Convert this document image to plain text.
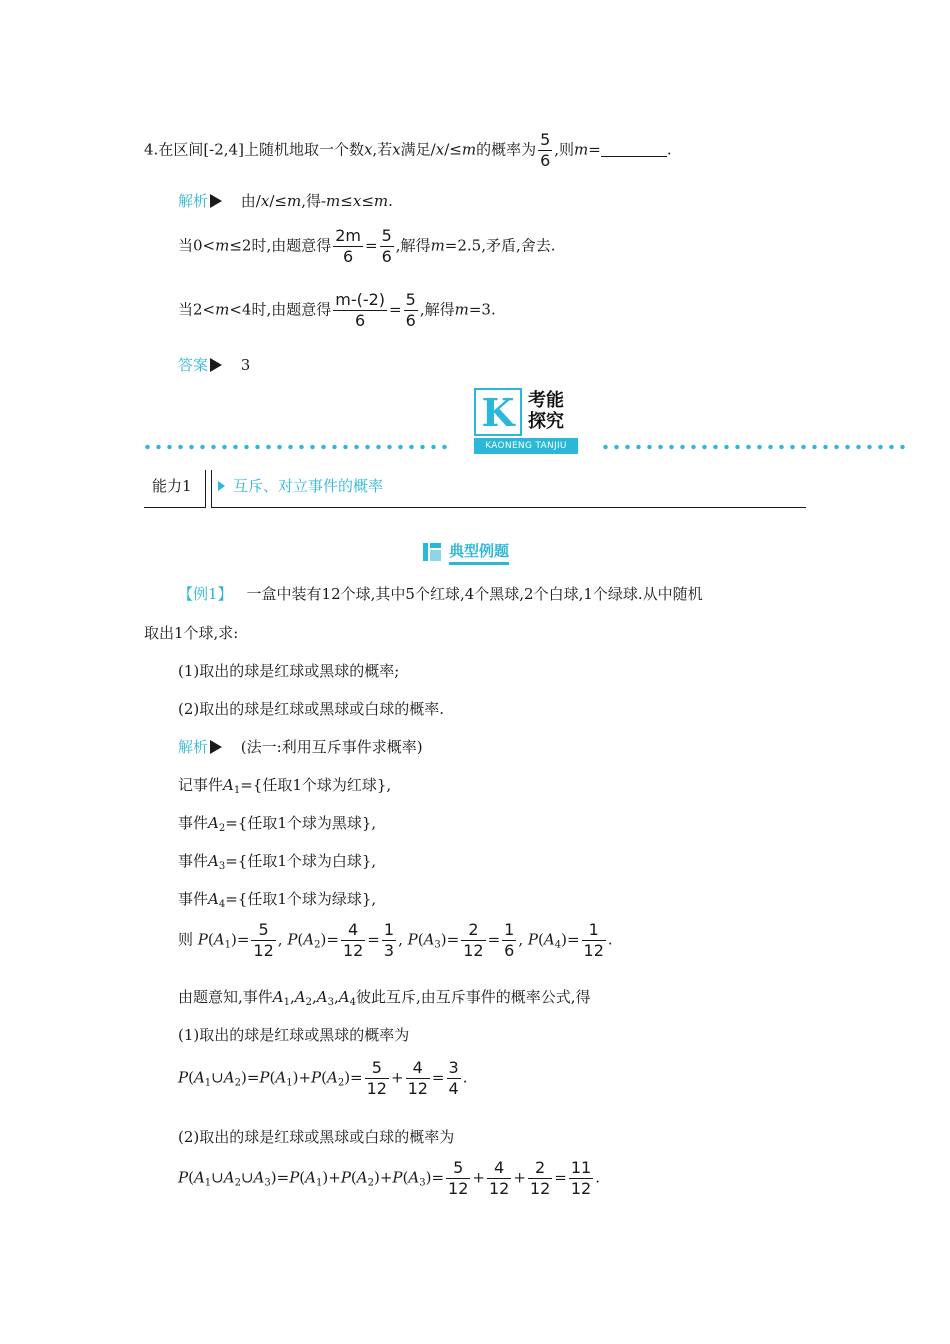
4.在区间[-2,4]上随机地取一个数x,若x满足/x/≤m的概率为 $\frac{5}{6}$ ,则m=	.
解析 由/x/≤m,得-m≤x≤m.
当0<m≤2时,由题意得 $\frac{2m}{6} = \frac{5}{6}$ ,解得m=2.5,矛盾,舍去.
当2<m<4时,由题意得 $\frac{m-(-2)}{6} = \frac{5}{6}$ ,解得m=3.
答案 3
K 考能
探究
KAONENG TANJIU
能力1	互斥、对立事件的概率
典型例题
【例1】 一盒中装有12个球,其中5个红球,4个黑球,2个白球,1个绿球.从中随机
取出1个球,求:
(1)取出的球是红球或黑球的概率;
(2)取出的球是红球或黑球或白球的概率.
解析 (法一:利用互斥事件求概率)
记事件$A_1=${任取1个球为红球},
事件$A_2=${任取1个球为黑球},
事件$A_3=${任取1个球为白球},
事件$A_4=${任取1个球为绿球},
则 $P(A_1)= \frac{5}{12}$ , $P(A_2)= \frac{4}{12} = \frac{1}{3}$ , $P(A_3)= \frac{2}{12} = \frac{1}{6}$ , $P(A_4)= \frac{1}{12}$ .
由题意知,事件$A_1,A_2,A_3,A_4$彼此互斥,由互斥事件的概率公式,得
(1)取出的球是红球或黑球的概率为
$P(A_1\cup A_2)=P(A_1)+P(A_2)= \frac{5}{12} + \frac{4}{12} = \frac{3}{4}$ .
(2)取出的球是红球或黑球或白球的概率为
$P(A_1\cup A_2\cup A_3)=P(A_1)+P(A_2)+P(A_3)= \frac{5}{12} + \frac{4}{12} + \frac{2}{12} = \frac{11}{12}$ .
